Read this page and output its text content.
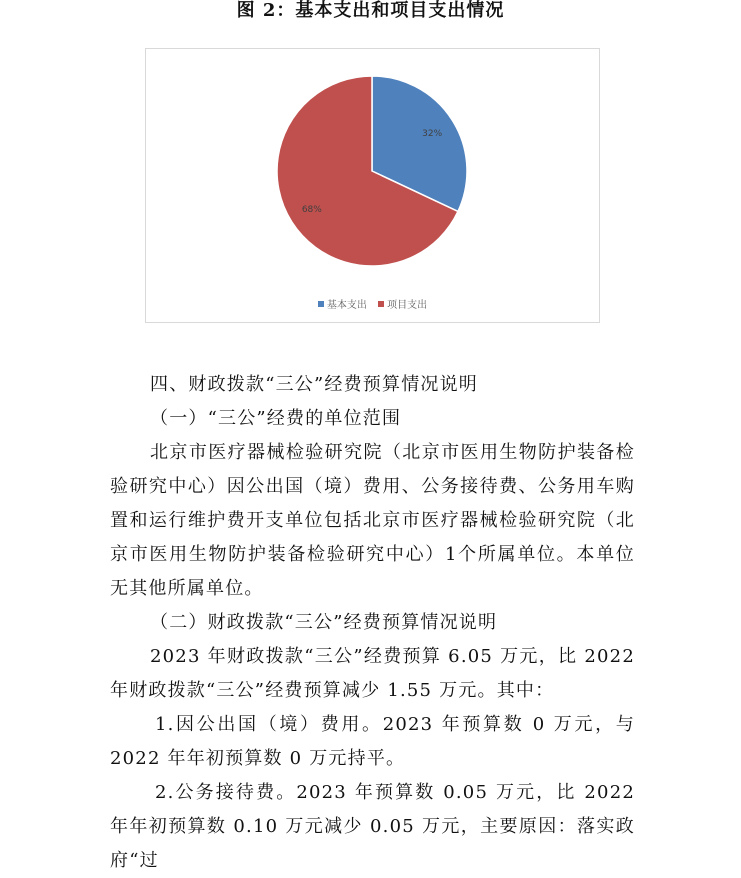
图 2：基本支出和项目支出情况
32%
68%
基本支出 项目支出

四、财政拨款“三公”经费预算情况说明

（一）“三公”经费的单位范围

北京市医疗器械检验研究院（北京市医用生物防护装备检验研究中心）因公出国（境）费用、公务接待费、公务用车购置和运行维护费开支单位包括北京市医疗器械检验研究院（北京市医用生物防护装备检验研究中心）1个所属单位。本单位无其他所属单位。

（二）财政拨款“三公”经费预算情况说明

2023 年财政拨款“三公”经费预算 6.05 万元，比 2022 年财政拨款“三公”经费预算减少 1.55 万元。其中：

1.因公出国（境）费用。2023 年预算数 0 万元，与 2022 年年初预算数 0 万元持平。

2.公务接待费。2023 年预算数 0.05 万元，比 2022 年年初预算数 0.10 万元减少 0.05 万元，主要原因：落实政府“过
